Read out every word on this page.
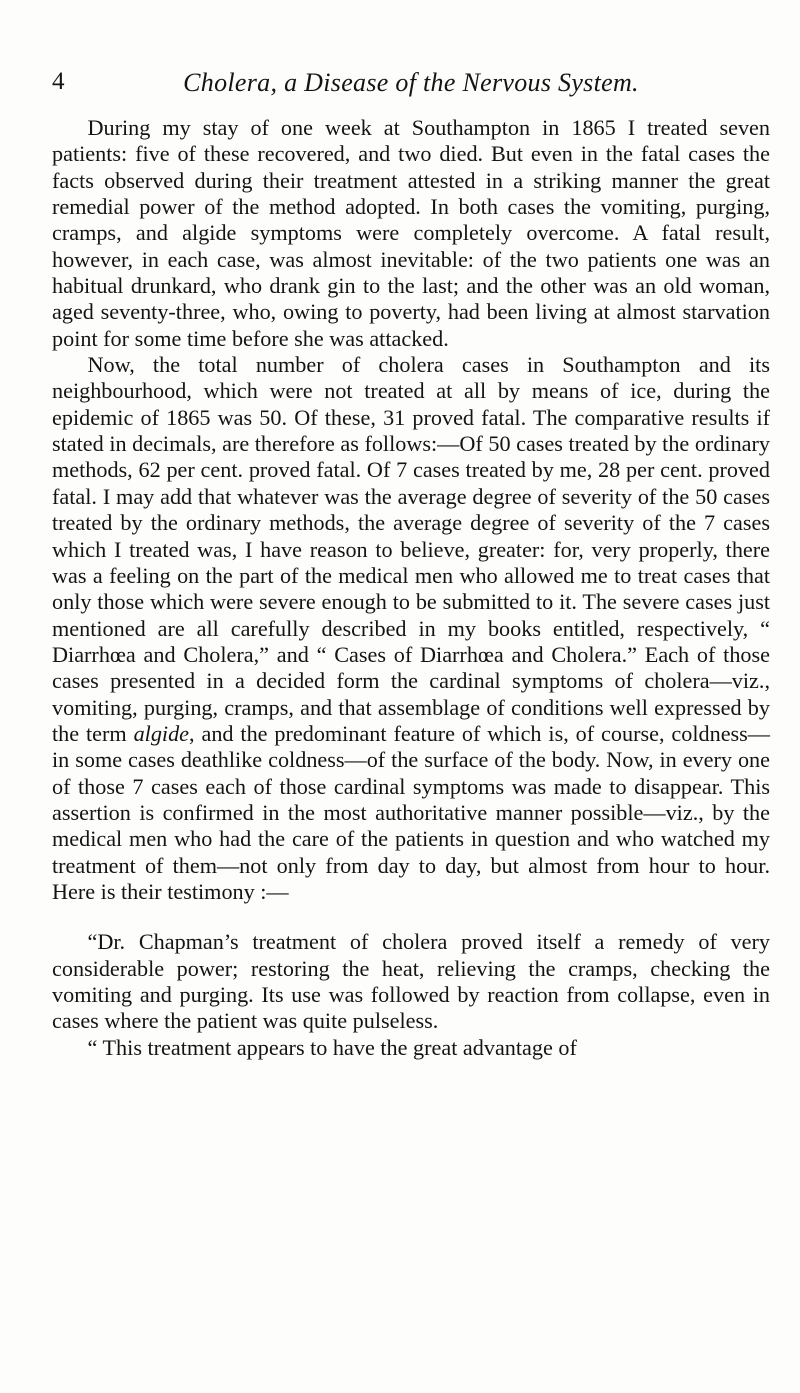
4	Cholera, a Disease of the Nervous System.

During my stay of one week at Southampton in 1865 I treated seven patients: five of these recovered, and two died. But even in the fatal cases the facts observed during their treatment attested in a striking manner the great remedial power of the method adopted. In both cases the vomiting, purging, cramps, and algide symptoms were completely overcome. A fatal result, however, in each case, was almost inevitable: of the two patients one was an habitual drunkard, who drank gin to the last; and the other was an old woman, aged seventy-three, who, owing to poverty, had been living at almost starvation point for some time before she was attacked.

Now, the total number of cholera cases in Southampton and its neighbourhood, which were not treated at all by means of ice, during the epidemic of 1865 was 50. Of these, 31 proved fatal. The comparative results if stated in decimals, are therefore as follows:—Of 50 cases treated by the ordinary methods, 62 per cent. proved fatal. Of 7 cases treated by me, 28 per cent. proved fatal. I may add that whatever was the average degree of severity of the 50 cases treated by the ordinary methods, the average degree of severity of the 7 cases which I treated was, I have reason to believe, greater: for, very properly, there was a feeling on the part of the medical men who allowed me to treat cases that only those which were severe enough to be submitted to it. The severe cases just mentioned are all carefully described in my books entitled, respectively, “ Diarrhœa and Cholera,” and “ Cases of Diarrhœa and Cholera.” Each of those cases presented in a decided form the cardinal symptoms of cholera—viz., vomiting, purging, cramps, and that assemblage of conditions well expressed by the term algide, and the predominant feature of which is, of course, coldness—in some cases deathlike coldness—of the surface of the body. Now, in every one of those 7 cases each of those cardinal symptoms was made to disappear. This assertion is confirmed in the most authoritative manner possible—viz., by the medical men who had the care of the patients in question and who watched my treatment of them—not only from day to day, but almost from hour to hour. Here is their testimony :—

“Dr. Chapman’s treatment of cholera proved itself a remedy of very considerable power; restoring the heat, relieving the cramps, checking the vomiting and purging. Its use was followed by reaction from collapse, even in cases where the patient was quite pulseless.

“ This treatment appears to have the great advantage of
